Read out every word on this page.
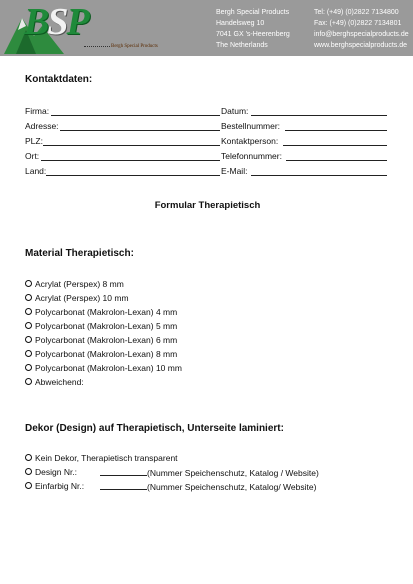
BSP
Bergh Special Products
Bergh Special Products
Handelsweg 10
7041 GX 's-Heerenberg
The Netherlands
Tel: (+49) (0)2822 7134800
Fax: (+49) (0)2822 7134801
info@berghspecialproducts.de
www.berghspecialproducts.de
Kontaktdaten:
Firma:	Datum:
Adresse:	Bestellnummer:
PLZ:	Kontaktperson:
Ort:	Telefonnummer:
Land:	E-Mail:
Formular Therapietisch
Material Therapietisch:
Acrylat (Perspex) 8 mm
Acrylat (Perspex) 10 mm
Polycarbonat (Makrolon-Lexan) 4 mm
Polycarbonat (Makrolon-Lexan) 5 mm
Polycarbonat (Makrolon-Lexan) 6 mm
Polycarbonat (Makrolon-Lexan) 8 mm
Polycarbonat (Makrolon-Lexan) 10 mm
Abweichend:
Dekor (Design) auf Therapietisch, Unterseite laminiert:
Kein Dekor, Therapietisch transparent
Design Nr.:	(Nummer Speichenschutz, Katalog / Website)
Einfarbig Nr.:	(Nummer Speichenschutz, Katalog/ Website)
